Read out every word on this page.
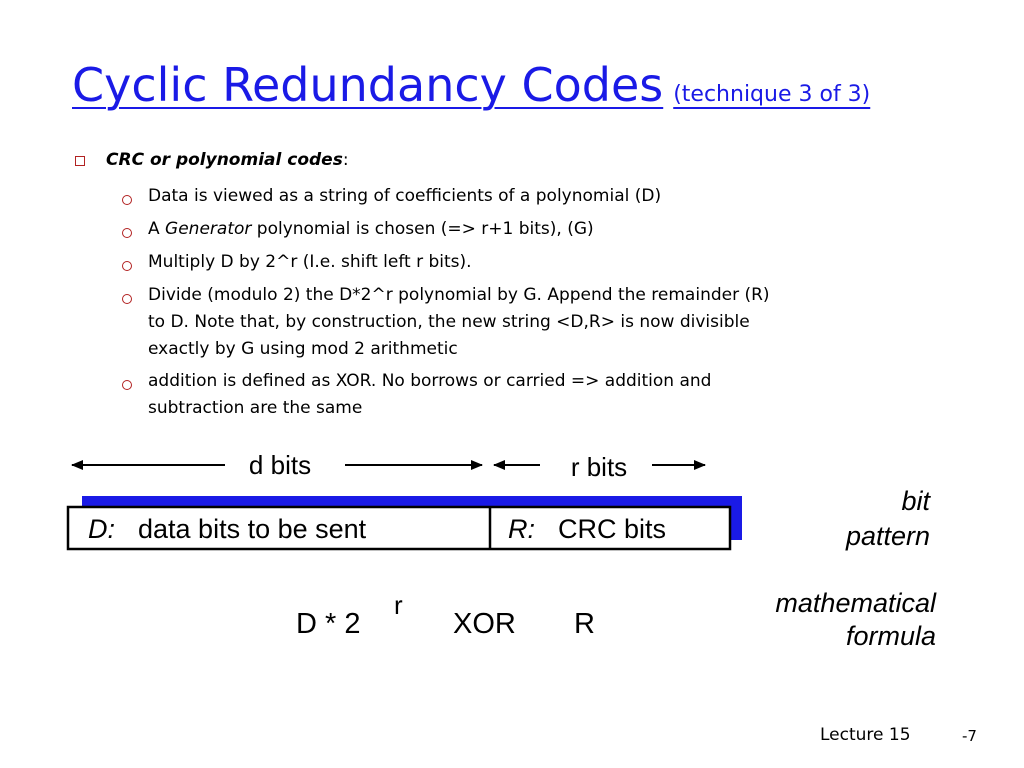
Cyclic Redundancy Codes (technique 3 of 3)
CRC or polynomial codes:
Data is viewed as a string of coefficients of a polynomial (D)
A Generator polynomial is chosen (=> r+1 bits), (G)
Multiply D by 2^r (I.e. shift left r bits).
Divide (modulo 2) the D*2^r polynomial by G. Append the remainder (R)
to D. Note that, by construction, the new string <D,R> is now divisible
exactly by G using mod 2 arithmetic
addition is defined as XOR. No borrows or carried => addition and
subtraction are the same
d bits	r bits
D: data bits to be sent	R: CRC bits
bit
pattern
D * 2
r
XOR R
mathematical
formula
Lecture 15	-7
